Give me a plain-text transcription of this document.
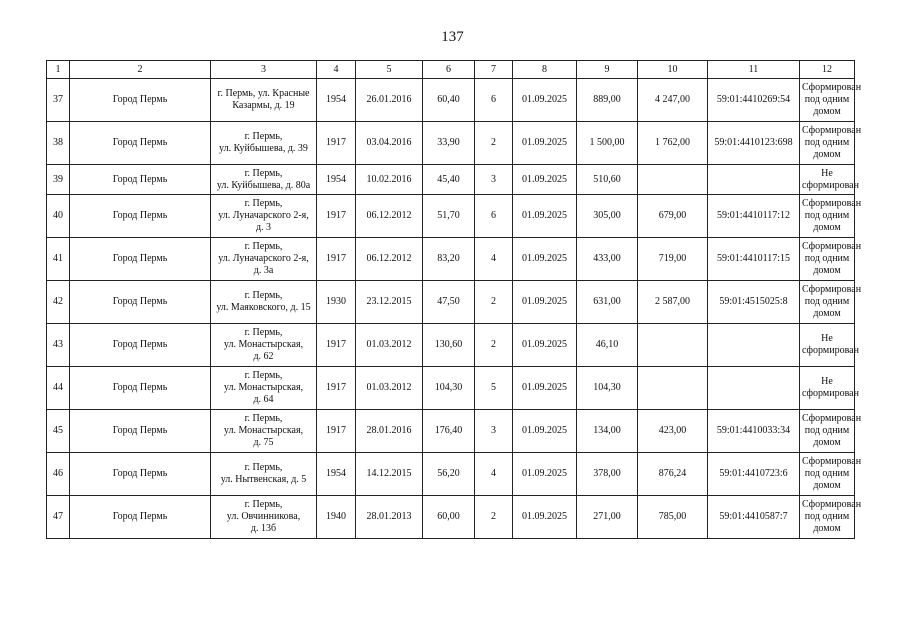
137
1	2	3	4	5	6	7	8	9	10	11	12
37	Город Пермь	г. Пермь, ул. Красные
Казармы, д. 19	1954	26.01.2016	60,40	6	01.09.2025	889,00	4 247,00	59:01:4410269:54	Сформирован
под одним
домом
38	Город Пермь	г. Пермь,
ул. Куйбышева, д. 39	1917	03.04.2016	33,90	2	01.09.2025	1 500,00	1 762,00	59:01:4410123:698	Сформирован
под одним
домом
39	Город Пермь	г. Пермь,
ул. Куйбышева, д. 80а	1954	10.02.2016	45,40	3	01.09.2025	510,60			Не
сформирован
40	Город Пермь	г. Пермь,
ул. Луначарского 2-я,
д. 3	1917	06.12.2012	51,70	6	01.09.2025	305,00	679,00	59:01:4410117:12	Сформирован
под одним
домом
41	Город Пермь	г. Пермь,
ул. Луначарского 2-я,
д. 3а	1917	06.12.2012	83,20	4	01.09.2025	433,00	719,00	59:01:4410117:15	Сформирован
под одним
домом
42	Город Пермь	г. Пермь,
ул. Маяковского, д. 15	1930	23.12.2015	47,50	2	01.09.2025	631,00	2 587,00	59:01:4515025:8	Сформирован
под одним
домом
43	Город Пермь	г. Пермь,
ул. Монастырская,
д. 62	1917	01.03.2012	130,60	2	01.09.2025	46,10			Не
сформирован
44	Город Пермь	г. Пермь,
ул. Монастырская,
д. 64	1917	01.03.2012	104,30	5	01.09.2025	104,30			Не
сформирован
45	Город Пермь	г. Пермь,
ул. Монастырская,
д. 75	1917	28.01.2016	176,40	3	01.09.2025	134,00	423,00	59:01:4410033:34	Сформирован
под одним
домом
46	Город Пермь	г. Пермь,
ул. Нытвенская, д. 5	1954	14.12.2015	56,20	4	01.09.2025	378,00	876,24	59:01:4410723:6	Сформирован
под одним
домом
47	Город Пермь	г. Пермь,
ул. Овчинникова,
д. 13б	1940	28.01.2013	60,00	2	01.09.2025	271,00	785,00	59:01:4410587:7	Сформирован
под одним
домом
